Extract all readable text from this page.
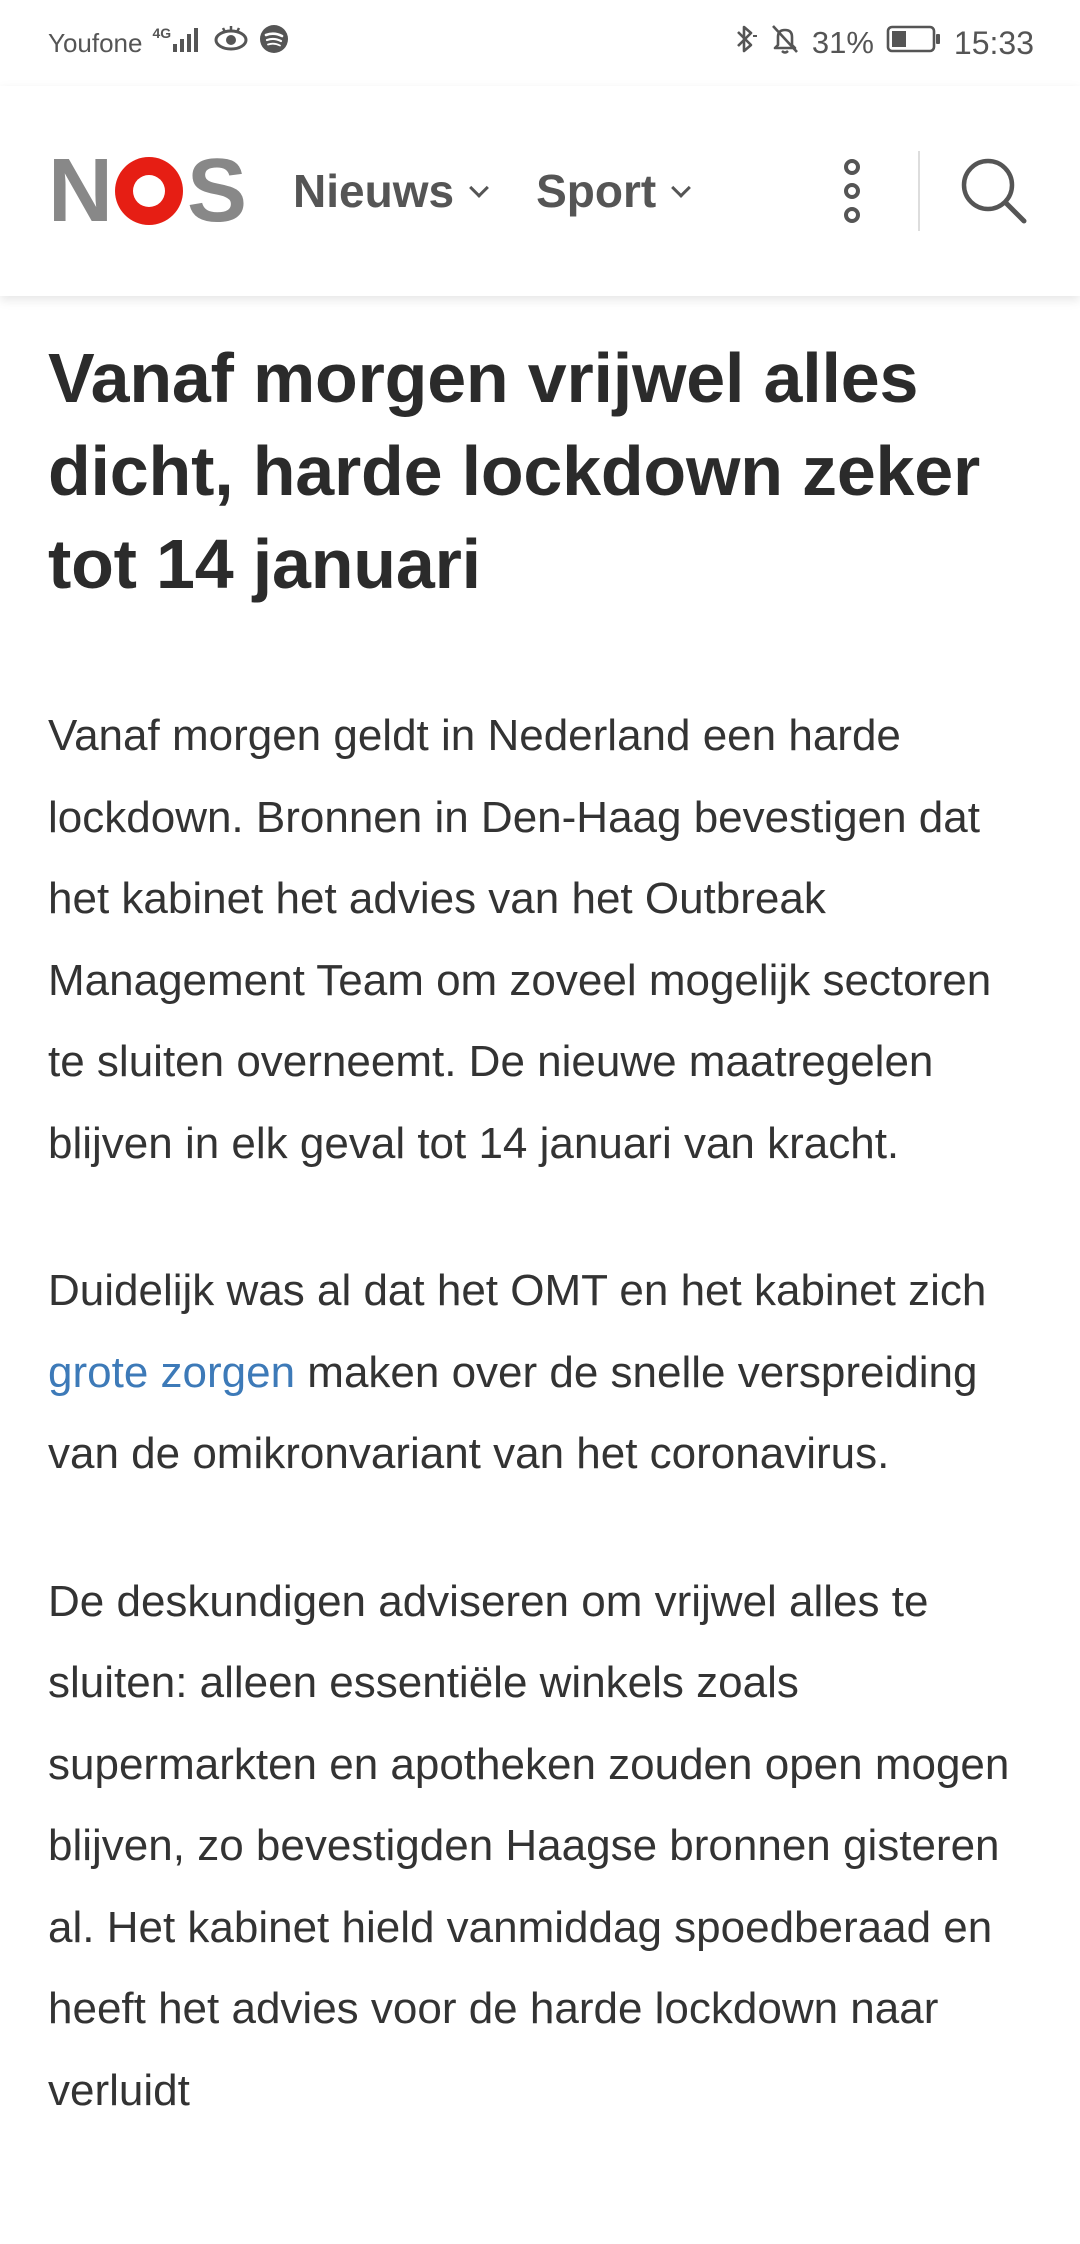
Youfone 4G	31%	15:33
N S Nieuws Sport
Vanaf morgen vrijwel alles dicht, harde lockdown zeker tot 14 januari

Vanaf morgen geldt in Nederland een harde lockdown. Bronnen in Den-Haag bevestigen dat het kabinet het advies van het Outbreak Management Team om zoveel mogelijk sectoren te sluiten overneemt. De nieuwe maatregelen blijven in elk geval tot 14 januari van kracht.

Duidelijk was al dat het OMT en het kabinet zich grote zorgen maken over de snelle verspreiding van de omikronvariant van het coronavirus.

De deskundigen adviseren om vrijwel alles te sluiten: alleen essentiële winkels zoals supermarkten en apotheken zouden open mogen blijven, zo bevestigden Haagse bronnen gisteren al. Het kabinet hield vanmiddag spoedberaad en heeft het advies voor de harde lockdown naar verluidt
